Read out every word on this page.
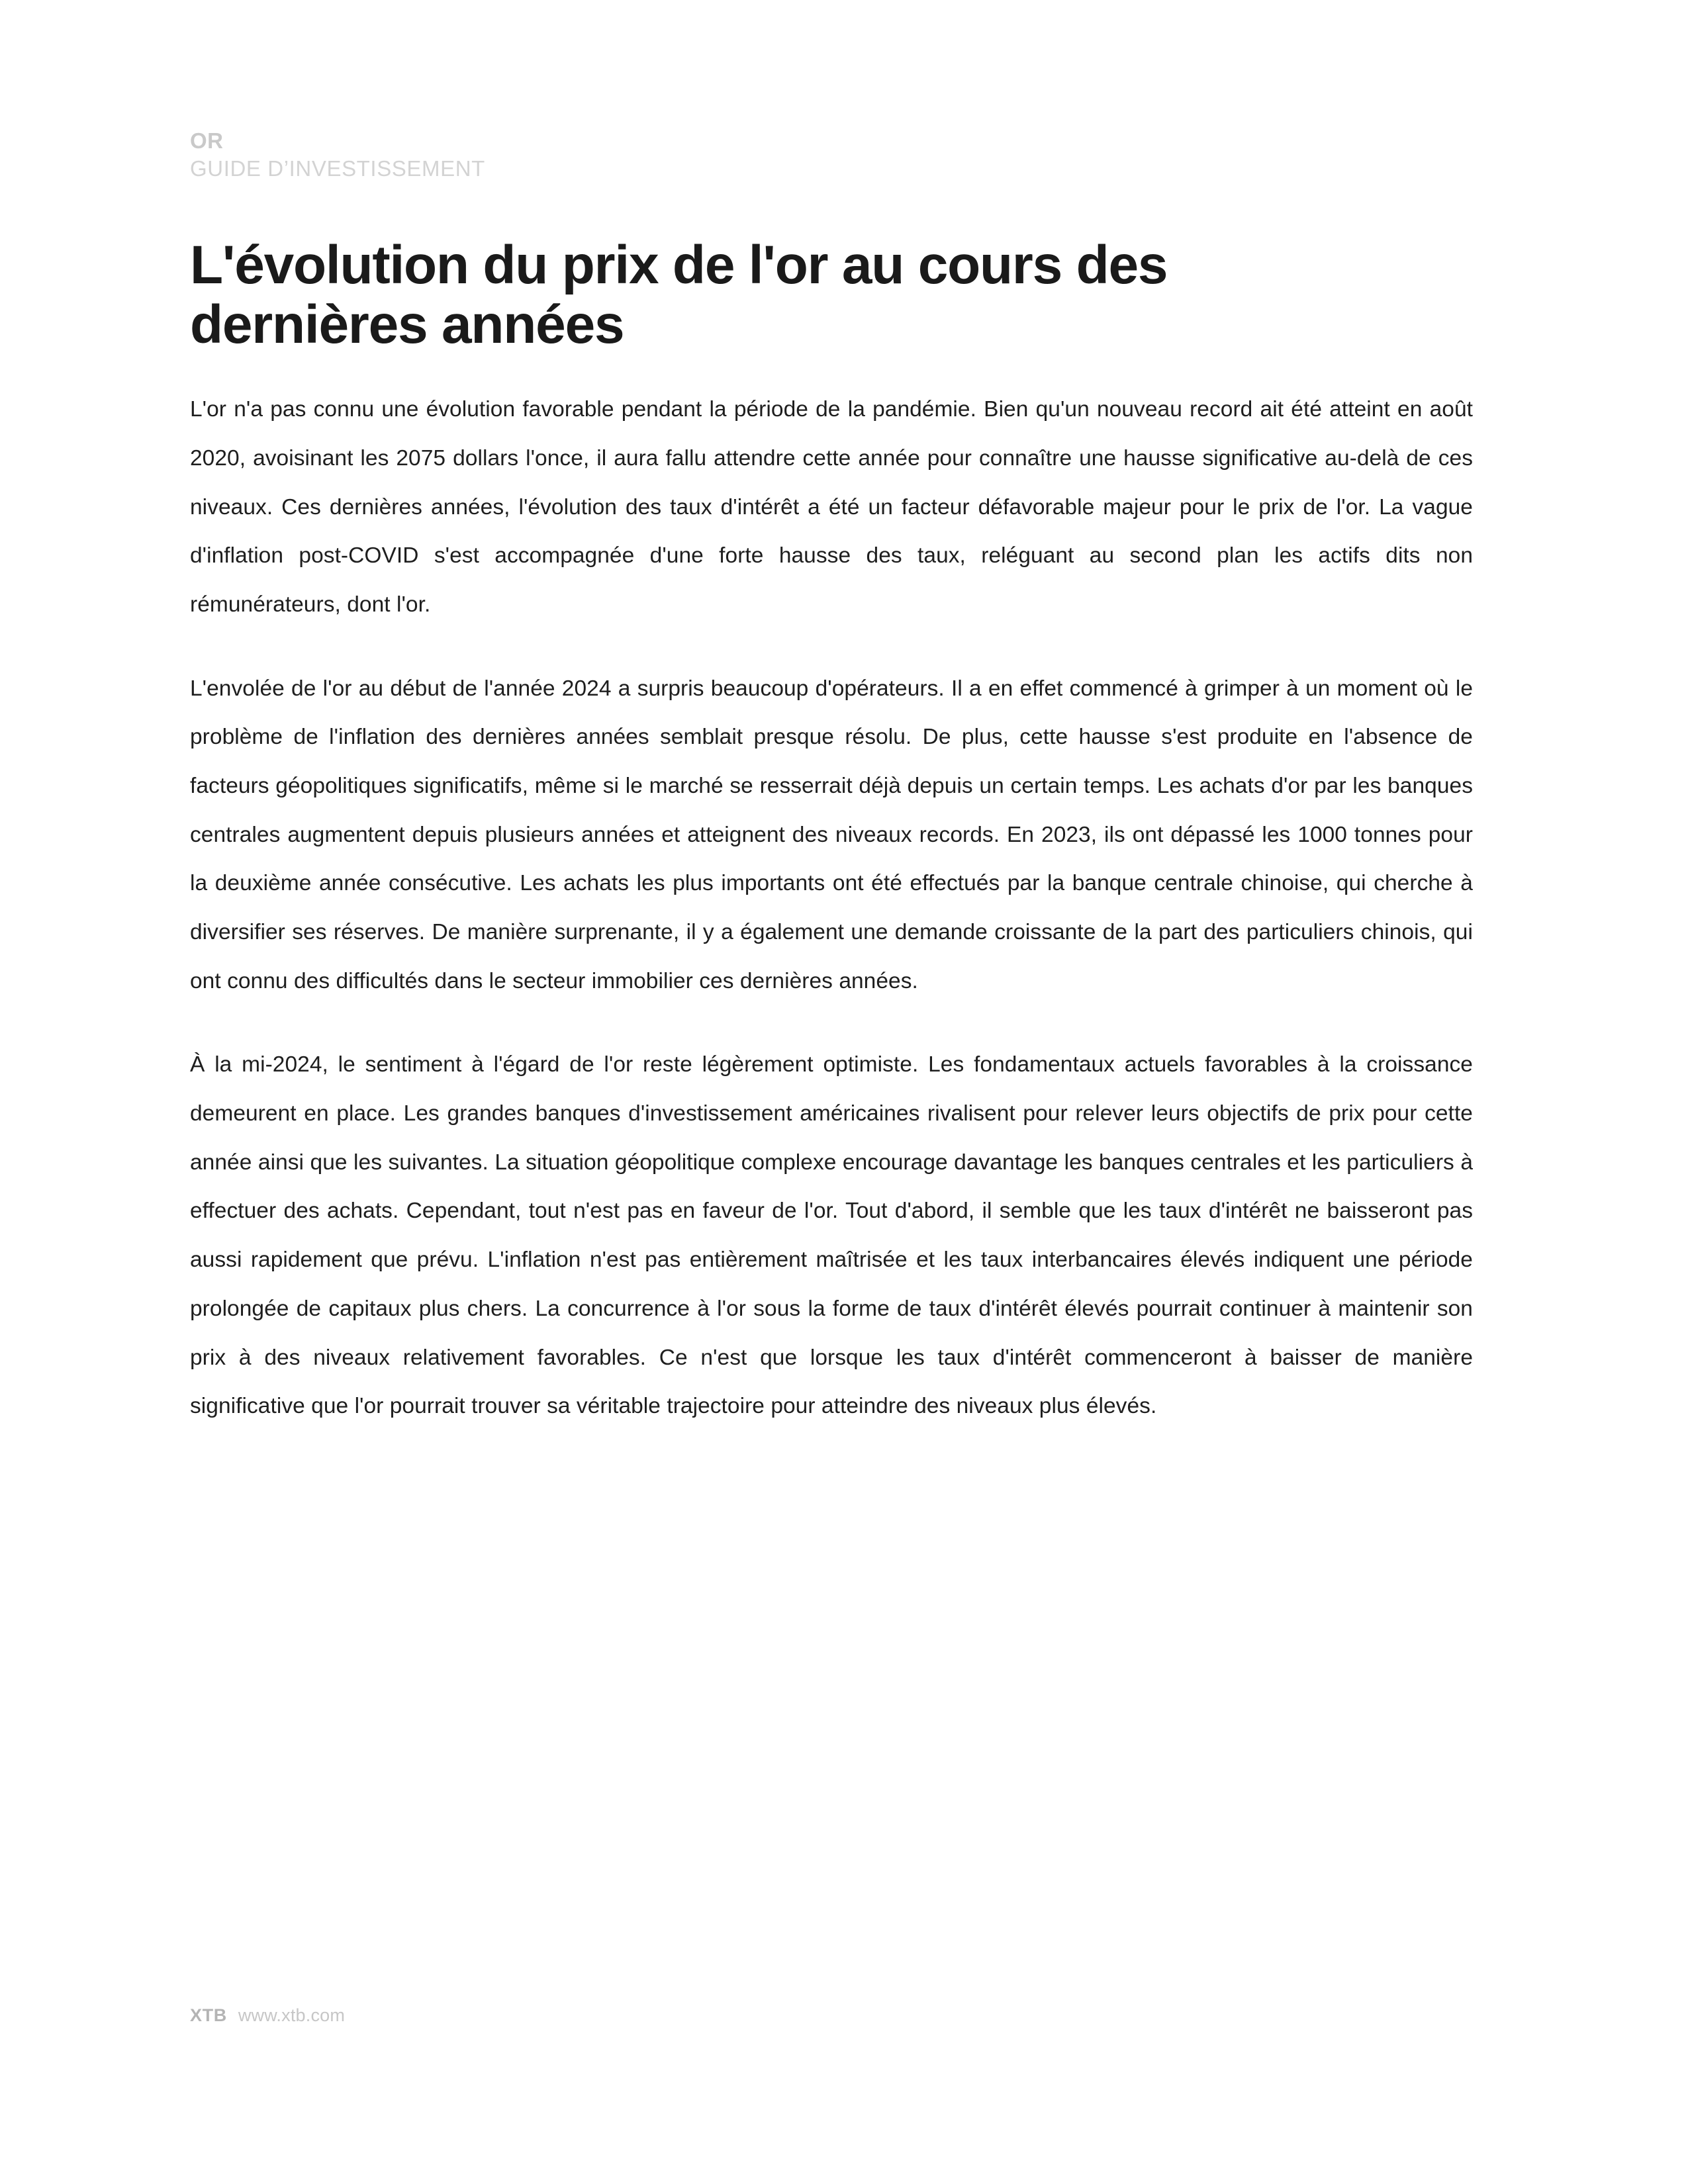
OR
GUIDE D’INVESTISSEMENT
L'évolution du prix de l'or au cours des dernières années

L'or n'a pas connu une évolution favorable pendant la période de la pandémie. Bien qu'un nouveau record ait été atteint en août 2020, avoisinant les 2075 dollars l'once, il aura fallu attendre cette année pour connaître une hausse significative au-delà de ces niveaux. Ces dernières années, l'évolution des taux d'intérêt a été un facteur défavorable majeur pour le prix de l'or. La vague d'inflation post-COVID s'est accompagnée d'une forte hausse des taux, reléguant au second plan les actifs dits non rémunérateurs, dont l'or.

L'envolée de l'or au début de l'année 2024 a surpris beaucoup d'opérateurs. Il a en effet commencé à grimper à un moment où le problème de l'inflation des dernières années semblait presque résolu. De plus, cette hausse s'est produite en l'absence de facteurs géopolitiques significatifs, même si le marché se resserrait déjà depuis un certain temps. Les achats d'or par les banques centrales augmentent depuis plusieurs années et atteignent des niveaux records. En 2023, ils ont dépassé les 1000 tonnes pour la deuxième année consécutive. Les achats les plus importants ont été effectués par la banque centrale chinoise, qui cherche à diversifier ses réserves. De manière surprenante, il y a également une demande croissante de la part des particuliers chinois, qui ont connu des difficultés dans le secteur immobilier ces dernières années.

À la mi-2024, le sentiment à l'égard de l'or reste légèrement optimiste. Les fondamentaux actuels favorables à la croissance demeurent en place. Les grandes banques d'investissement américaines rivalisent pour relever leurs objectifs de prix pour cette année ainsi que les suivantes. La situation géopolitique complexe encourage davantage les banques centrales et les particuliers à effectuer des achats. Cependant, tout n'est pas en faveur de l'or. Tout d'abord, il semble que les taux d'intérêt ne baisseront pas aussi rapidement que prévu. L'inflation n'est pas entièrement maîtrisée et les taux interbancaires élevés indiquent une période prolongée de capitaux plus chers. La concurrence à l'or sous la forme de taux d'intérêt élevés pourrait continuer à maintenir son prix à des niveaux relativement favorables. Ce n'est que lorsque les taux d'intérêt commenceront à baisser de manière significative que l'or pourrait trouver sa véritable trajectoire pour atteindre des niveaux plus élevés.

XTB www.xtb.com
